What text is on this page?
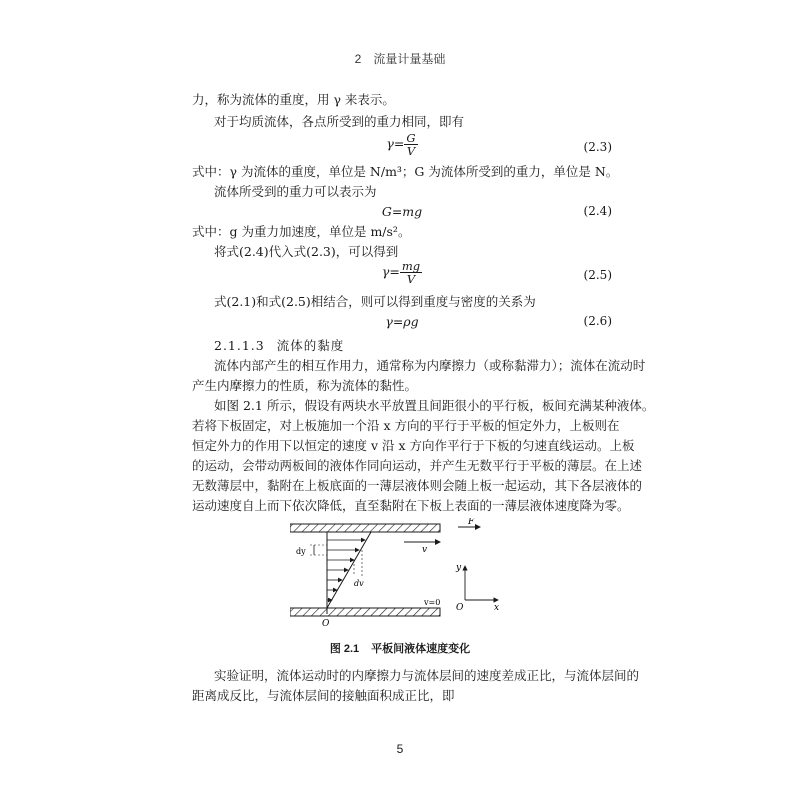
2 流量计量基础
力，称为流体的重度，用 γ 来表示。
对于均质流体，各点所受到的重力相同，即有
$\gamma= \frac{G}{V}$	(2.3)
式中：γ 为流体的重度，单位是 N/m³；G 为流体所受到的重力，单位是 N。
流体所受到的重力可以表示为
G=mg	(2.4)
式中：g 为重力加速度，单位是 m/s²。
将式(2.4)代入式(2.3)，可以得到
$\gamma= \frac{mg}{V}$	(2.5)
式(2.1)和式(2.5)相结合，则可以得到重度与密度的关系为
γ=ρg	(2.6)
2.1.1.3 流体的黏度
流体内部产生的相互作用力，通常称为内摩擦力（或称黏滞力）；流体在流动时
产生内摩擦力的性质，称为流体的黏性。
如图 2.1 所示，假设有两块水平放置且间距很小的平行板，板间充满某种液体。
若将下板固定，对上板施加一个沿 x 方向的平行于平板的恒定外力，上板则在
恒定外力的作用下以恒定的速度 v 沿 x 方向作平行于下板的匀速直线运动。上板
的运动，会带动两板间的液体作同向运动，并产生无数平行于平板的薄层。在上述
无数薄层中，黏附在上板底面的一薄层液体则会随上板一起运动，其下各层液体的
运动速度自上而下依次降低，直至黏附在下板上表面的一薄层液体速度降为零。
F
v
dy
dv
y
x
O
v=0
O
图 2.1 平板间液体速度变化
实验证明，流体运动时的内摩擦力与流体层间的速度差成正比，与流体层间的
距离成反比，与流体层间的接触面积成正比，即
5
